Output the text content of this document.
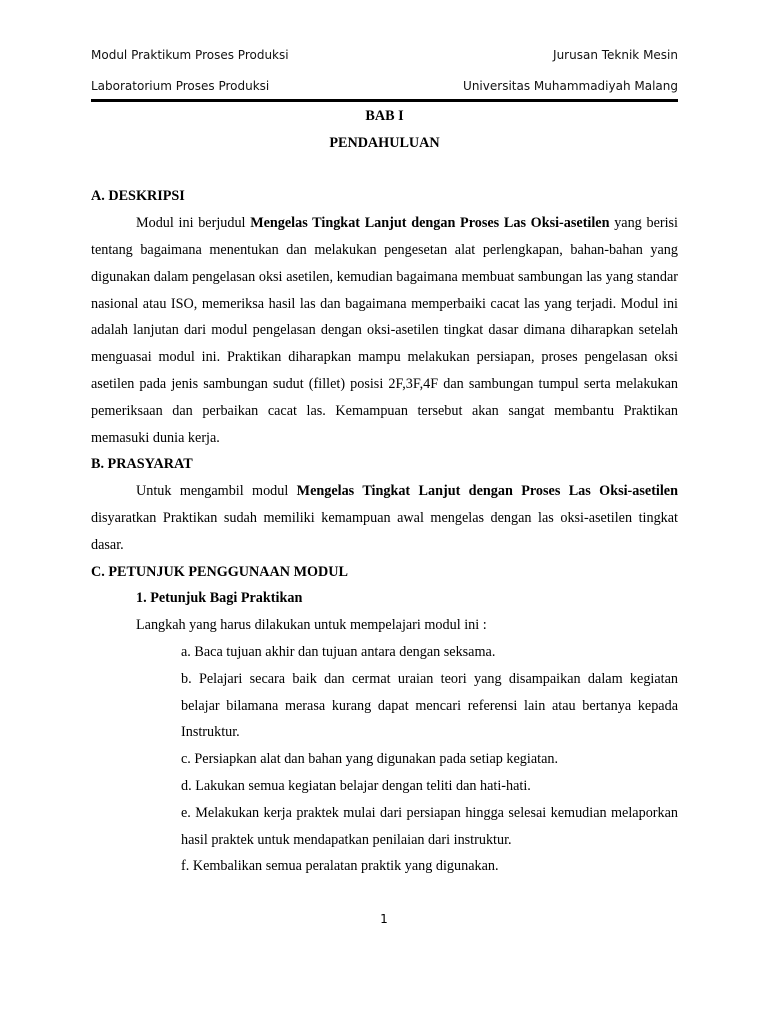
Modul Praktikum Proses Produksi	Jurusan Teknik Mesin
Laboratorium Proses Produksi	Universitas Muhammadiyah Malang

BAB I

PENDAHULUAN

A. DESKRIPSI

Modul ini berjudul Mengelas Tingkat Lanjut dengan Proses Las Oksi-asetilen yang berisi tentang bagaimana menentukan dan melakukan pengesetan alat perlengkapan, bahan-bahan yang digunakan dalam pengelasan oksi asetilen, kemudian bagaimana membuat sambungan las yang standar nasional atau ISO, memeriksa hasil las dan bagaimana memperbaiki cacat las yang terjadi. Modul ini adalah lanjutan dari modul pengelasan dengan oksi-asetilen tingkat dasar dimana diharapkan setelah menguasai modul ini. Praktikan diharapkan mampu melakukan persiapan, proses pengelasan oksi asetilen pada jenis sambungan sudut (fillet) posisi 2F,3F,4F dan sambungan tumpul serta melakukan pemeriksaan dan perbaikan cacat las. Kemampuan tersebut akan sangat membantu Praktikan memasuki dunia kerja.

B. PRASYARAT

Untuk mengambil modul Mengelas Tingkat Lanjut dengan Proses Las Oksi-asetilen disyaratkan Praktikan sudah memiliki kemampuan awal mengelas dengan las oksi-asetilen tingkat dasar.

C. PETUNJUK PENGGUNAAN MODUL

1. Petunjuk Bagi Praktikan

Langkah yang harus dilakukan untuk mempelajari modul ini :

a. Baca tujuan akhir dan tujuan antara dengan seksama.

b. Pelajari secara baik dan cermat uraian teori yang disampaikan dalam kegiatan belajar bilamana merasa kurang dapat mencari referensi lain atau bertanya kepada Instruktur.

c. Persiapkan alat dan bahan yang digunakan pada setiap kegiatan.

d. Lakukan semua kegiatan belajar dengan teliti dan hati-hati.

e. Melakukan kerja praktek mulai dari persiapan hingga selesai kemudian melaporkan hasil praktek untuk mendapatkan penilaian dari instruktur.

f. Kembalikan semua peralatan praktik yang digunakan.

1
